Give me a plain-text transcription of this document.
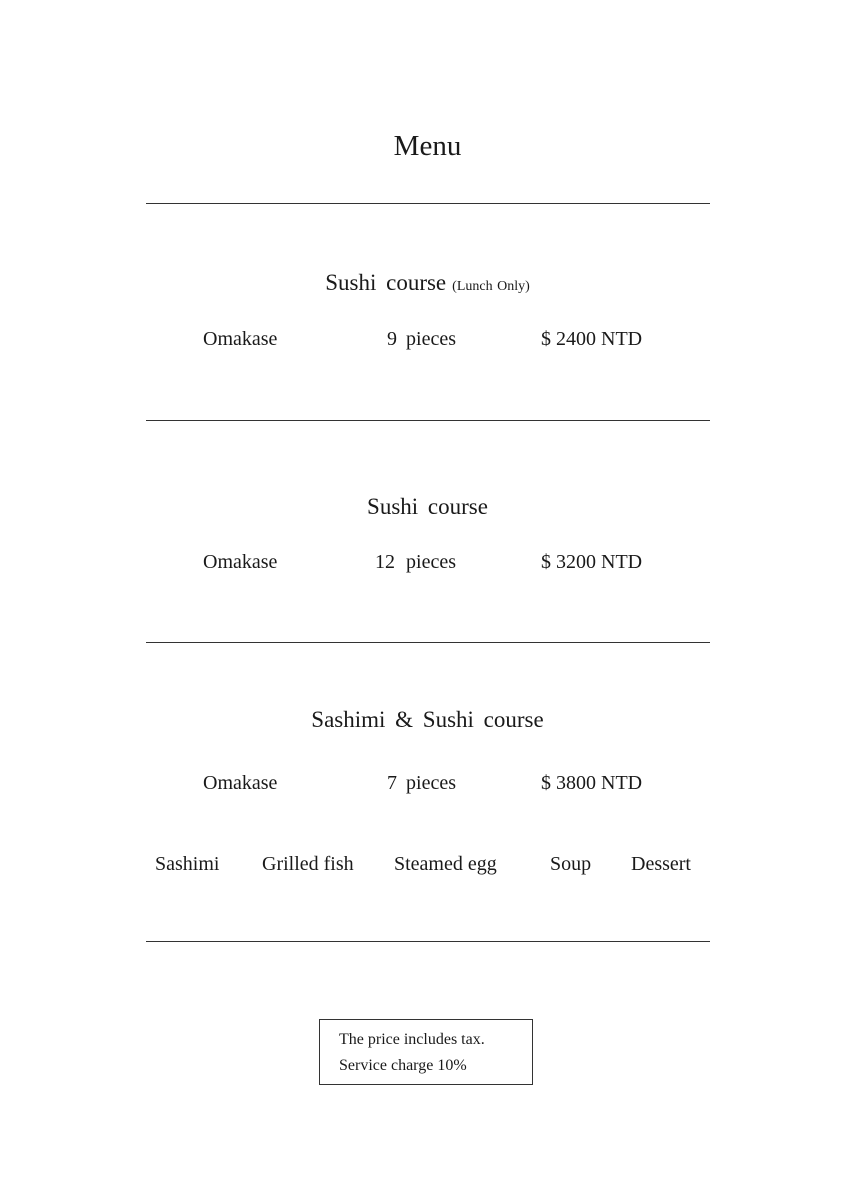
Menu
Sushi course (Lunch Only)
Omakase	9 pieces	$ 2400 NTD
Sushi course
Omakase	12 pieces	$ 3200 NTD
Sashimi & Sushi course
Omakase	7 pieces	$ 3800 NTD
Sashimi Grilled fish Steamed egg	Soup Dessert
The price includes tax.
Service charge 10%
